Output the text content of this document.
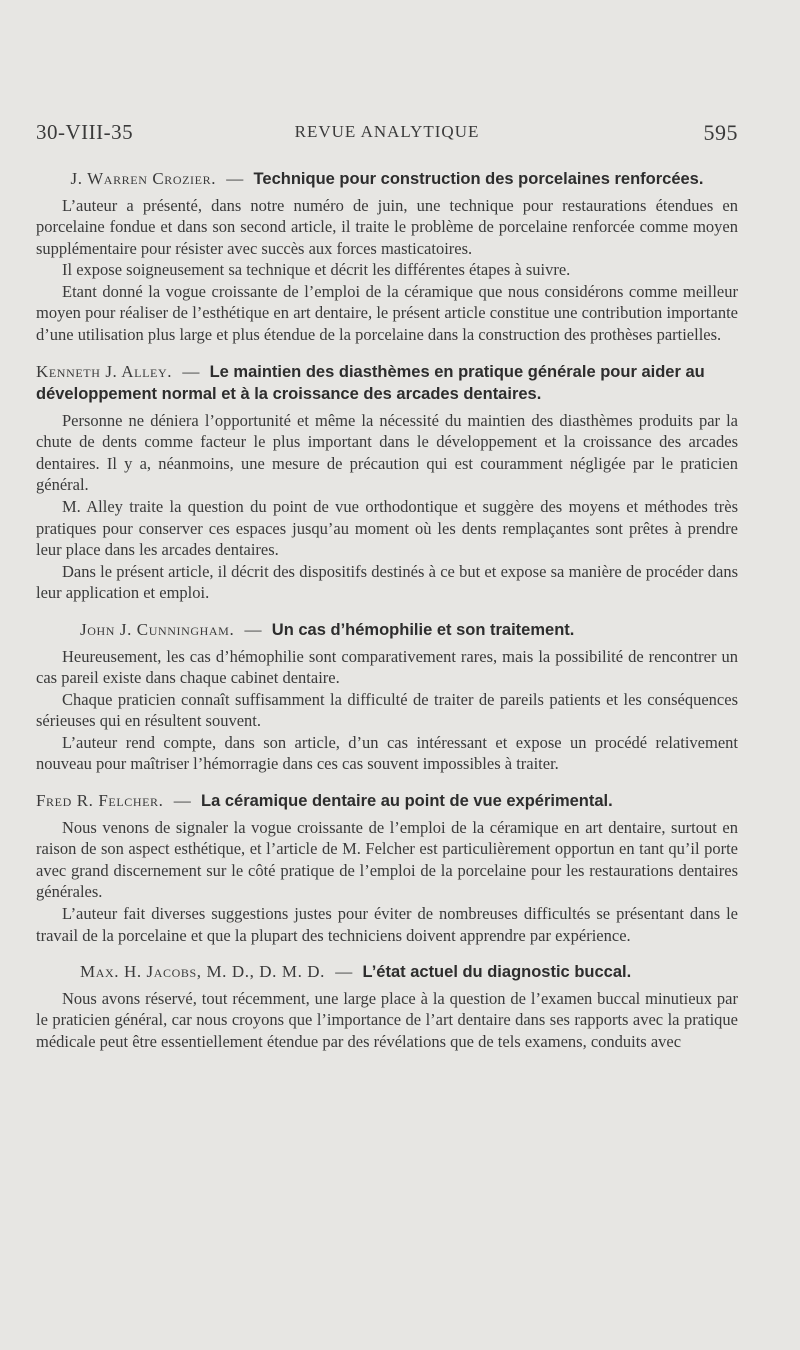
30-VIII-35	REVUE ANALYTIQUE	595
J. Warren Crozier. — Technique pour construction des porcelaines renforcées.

L’auteur a présenté, dans notre numéro de juin, une technique pour restaurations étendues en porcelaine fondue et dans son second article, il traite le problème de porcelaine renforcée comme moyen supplémentaire pour résister avec succès aux forces masticatoires.

Il expose soigneusement sa technique et décrit les différentes étapes à suivre.

Etant donné la vogue croissante de l’emploi de la céramique que nous considérons comme meilleur moyen pour réaliser de l’esthétique en art dentaire, le présent article constitue une contribution importante d’une utilisation plus large et plus étendue de la porcelaine dans la construction des prothèses partielles.

Kenneth J. Alley. — Le maintien des diasthèmes en pratique générale pour aider au développement normal et à la croissance des arcades dentaires.

Personne ne déniera l’opportunité et même la nécessité du maintien des diasthèmes produits par la chute de dents comme facteur le plus important dans le développement et la croissance des arcades dentaires. Il y a, néanmoins, une mesure de précaution qui est couramment négligée par le praticien général.

M. Alley traite la question du point de vue orthodontique et suggère des moyens et méthodes très pratiques pour conserver ces espaces jusqu’au moment où les dents remplaçantes sont prêtes à prendre leur place dans les arcades dentaires.

Dans le présent article, il décrit des dispositifs destinés à ce but et expose sa manière de procéder dans leur application et emploi.

John J. Cunningham. — Un cas d’hémophilie et son traitement.

Heureusement, les cas d’hémophilie sont comparativement rares, mais la possibilité de rencontrer un cas pareil existe dans chaque cabinet dentaire.

Chaque praticien connaît suffisamment la difficulté de traiter de pareils patients et les conséquences sérieuses qui en résultent souvent.

L’auteur rend compte, dans son article, d’un cas intéressant et expose un procédé relativement nouveau pour maîtriser l’hémorragie dans ces cas souvent impossibles à traiter.

Fred R. Felcher. — La céramique dentaire au point de vue expérimental.

Nous venons de signaler la vogue croissante de l’emploi de la céramique en art dentaire, surtout en raison de son aspect esthétique, et l’article de M. Felcher est particulièrement opportun en tant qu’il porte avec grand discernement sur le côté pratique de l’emploi de la porcelaine pour les restaurations dentaires générales.

L’auteur fait diverses suggestions justes pour éviter de nombreuses difficultés se présentant dans le travail de la porcelaine et que la plupart des techniciens doivent apprendre par expérience.

Max. H. Jacobs, M. D., D. M. D. — L’état actuel du diagnostic buccal.

Nous avons réservé, tout récemment, une large place à la question de l’examen buccal minutieux par le praticien général, car nous croyons que l’importance de l’art dentaire dans ses rapports avec la pratique médicale peut être essentiellement étendue par des révélations que de tels examens, conduits avec
